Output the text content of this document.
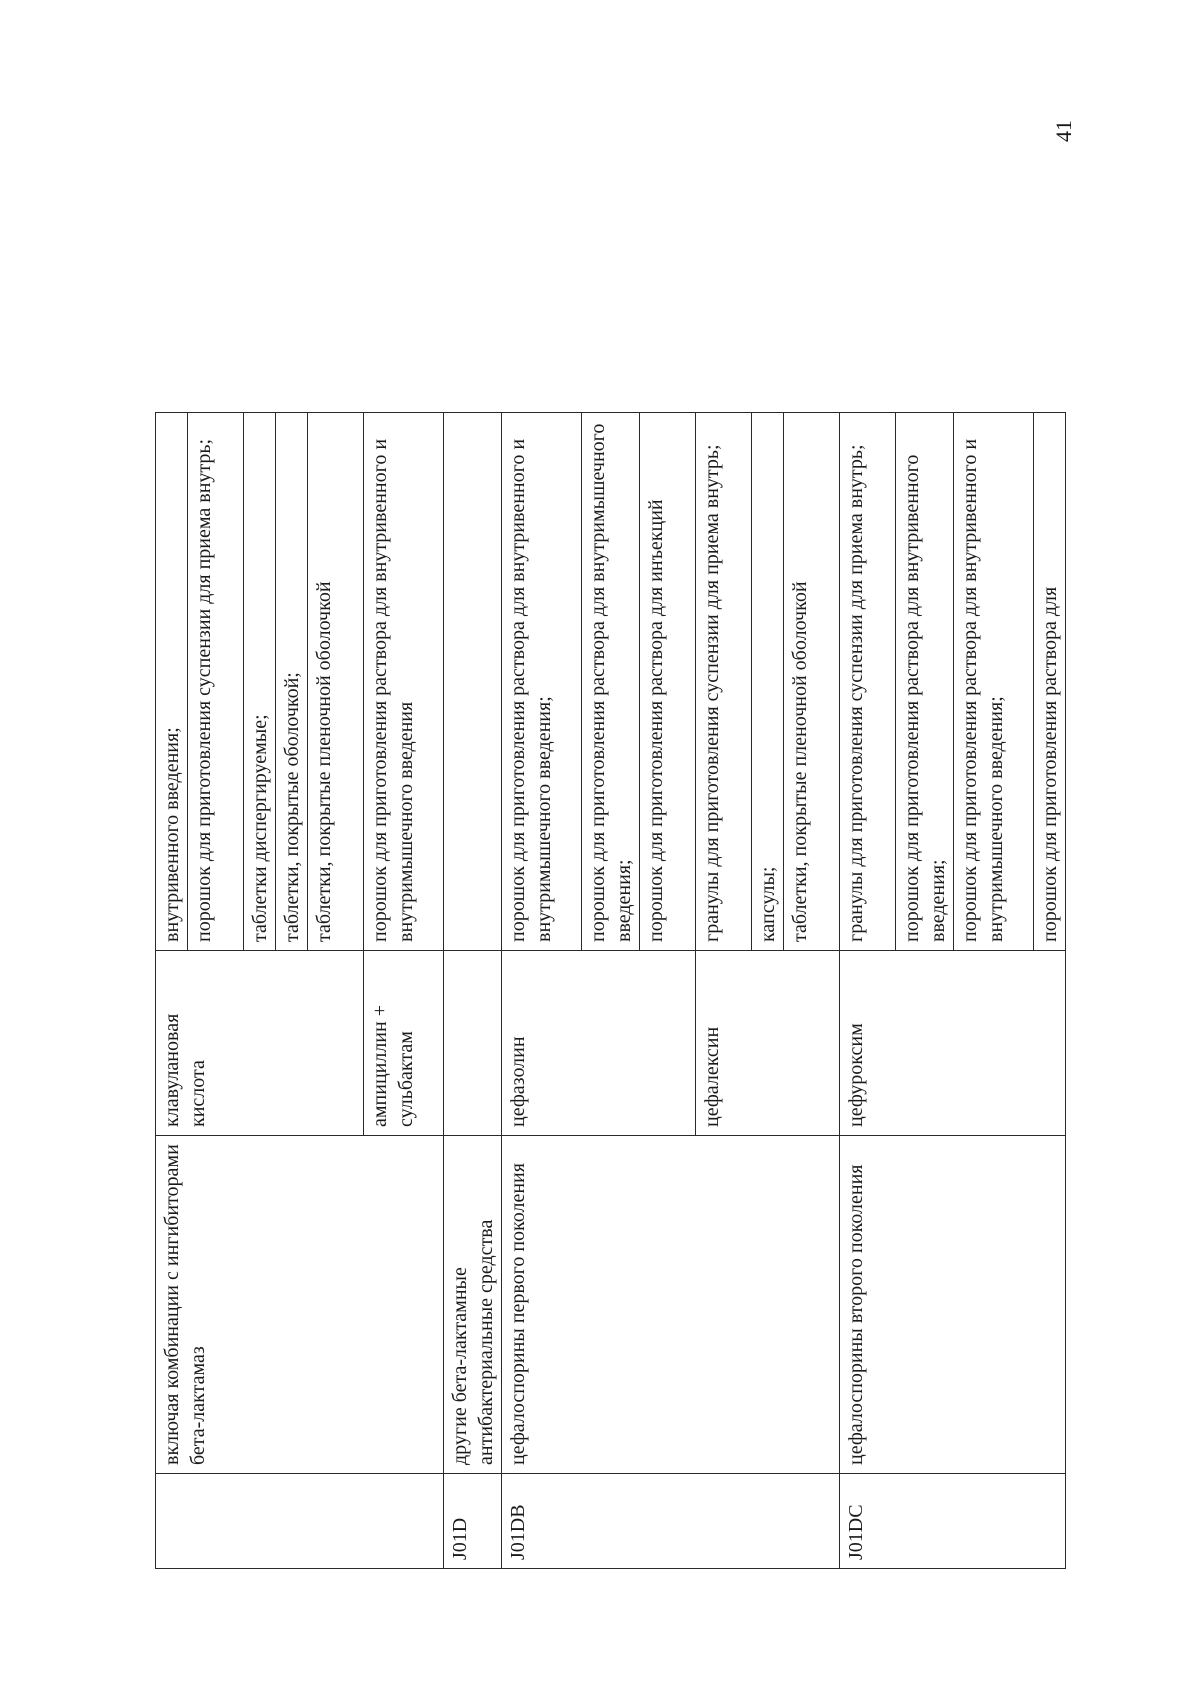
41
	включая комбинации с ингибиторами бета-лактамаз	клавулановая кислота	внутривенного введения;
			порошок для приготовления суспензии для приема внутрь;
			таблетки диспергируемые;
			таблетки, покрытые оболочкой;
			таблетки, покрытые пленочной оболочкой
		ампициллин + сульбактам	порошок для приготовления раствора для внутривенного и внутримышечного введения
J01D	другие бета-лактамные антибактериальные средства		
J01DB	цефалоспорины первого поколения	цефазолин	порошок для приготовления раствора для внутривенного и внутримышечного введения;
			порошок для приготовления раствора для внутримышечного введения;
			порошок для приготовления раствора для инъекций
		цефалексин	гранулы для приготовления суспензии для приема внутрь;
			капсулы;
			таблетки, покрытые пленочной оболочкой
J01DC	цефалоспорины второго поколения	цефуроксим	гранулы для приготовления суспензии для приема внутрь;
			порошок для приготовления раствора для внутривенного введения;
			порошок для приготовления раствора для внутривенного и внутримышечного введения;
			порошок для приготовления раствора для
